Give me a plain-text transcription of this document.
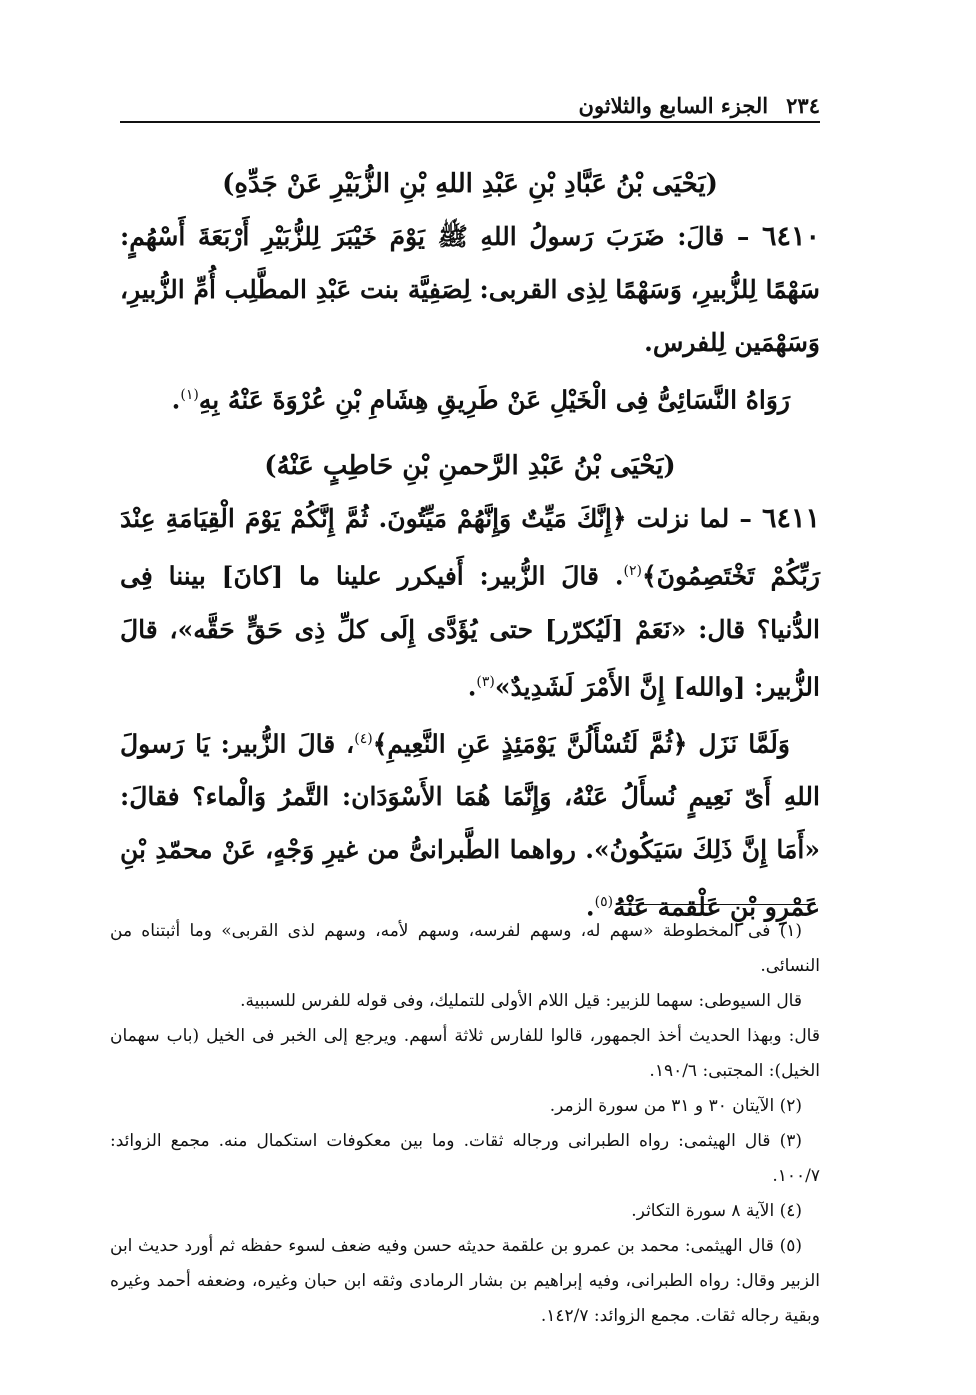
٢٣٤
الجزء السابع والثلاثون

(يَحْيَى بْنُ عَبَّادِ بْنِ عَبْدِ اللهِ بْنِ الزُّبَيْرِ عَنْ جَدِّهِ)

٦٤١٠ – قالَ: ضَرَبَ رَسولُ اللهِ ﷺ يَوْمَ خَيْبَرَ لِلزُّبَيْرِ أَرْبَعَةَ أَسْهُمٍ: سَهْمًا لِلزُّبيرِ، وَسَهْمًا لِذِى القربى: لِصَفِيَّة بنت عَبْدِ المطَّلِب أُمِّ الزُّبيرِ، وَسَهْمَين لِلفرس.

رَوَاهُ النَّسَائِىُّ فِى الْخَيْلِ عَنْ طَرِيقِ هِشَامِ بْنِ عُرْوَةَ عَنْهُ بِهِ$^{(١)}$.

(يَحْيَى بْنُ عَبْدِ الرَّحمنِ بْنِ حَاطِبٍ عَنْهُ)

٦٤١١ – لما نزلت ﴿إِنَّكَ مَيِّتٌ وَإِنَّهُمْ مَيِّتُونَ. ثُمَّ إِنَّكُمْ يَوْمَ الْقِيَامَةِ عِنْدَ رَبِّكُمْ تَخْتَصِمُونَ﴾$^{(٢)}$. قالَ الزُّبير: أَفيكرر علينا ما [كانَ] بيننا فِى الدُّنيا؟ قال: «نَعَمْ [لَيُكرّر] حتى يُؤَدَّى إِلَى كلِّ ذِى حَقٍّ حَقَّه»، قالَ الزُّبير: [والله] إِنَّ الأَمْرَ لَشَدِيدٌ»$^{(٣)}$.

وَلَمَّا نَزَل ﴿ثُمَّ لَتُسْأَلُنَّ يَوْمَئِذٍ عَنِ النَّعِيمِ﴾$^{(٤)}$، قالَ الزُّبير: يَا رَسولَ اللهِ أَىّ نَعِيمٍ نُسأَلُ عَنْهُ، وَإِنَّمَا هُمَا الأَسْوَدَان: التَّمرُ وَالْماء؟ فقالَ: «أَمَا إِنَّ ذَلِكَ سَيَكُونُ». رواهما الطَّبرانىُّ من غيرِ وَجْهٍ، عَنْ محمّدِ بْنِ عَمْرِو بْنِ عَلْقمة عَنْهُ$^{(٥)}$.

(١) فى المخطوطة «سهم له، وسهم لفرسه، وسهم لأمه، وسهم لذى القربى» وما أثبتناه من النسائى.

قال السيوطى: سهما للزبير: قيل اللام الأولى للتمليك، وفى قوله للفرس للسببية.

قال: وبهذا الحديث أخذ الجمهور، قالوا للفارس ثلاثة أسهم. ويرجع إلى الخبر فى الخيل (باب سهمان الخيل): المجتبى: ١٩٠/٦.

(٢) الآيتان ٣٠ و ٣١ من سورة الزمر.

(٣) قال الهيثمى: رواه الطبرانى ورجاله ثقات. وما بين معكوفات استكمال منه. مجمع الزوائد: ١٠٠/٧.

(٤) الآية ٨ سورة التكاثر.

(٥) قال الهيثمى: محمد بن عمرو بن علقمة حديثه حسن وفيه ضعف لسوء حفظه ثم أورد حديث ابن الزبير وقال: رواه الطبرانى، وفيه إبراهيم بن بشار الرمادى وثقه ابن حبان وغيره، وضعفه أحمد وغيره وبقية رجاله ثقات. مجمع الزوائد: ١٤٢/٧.
